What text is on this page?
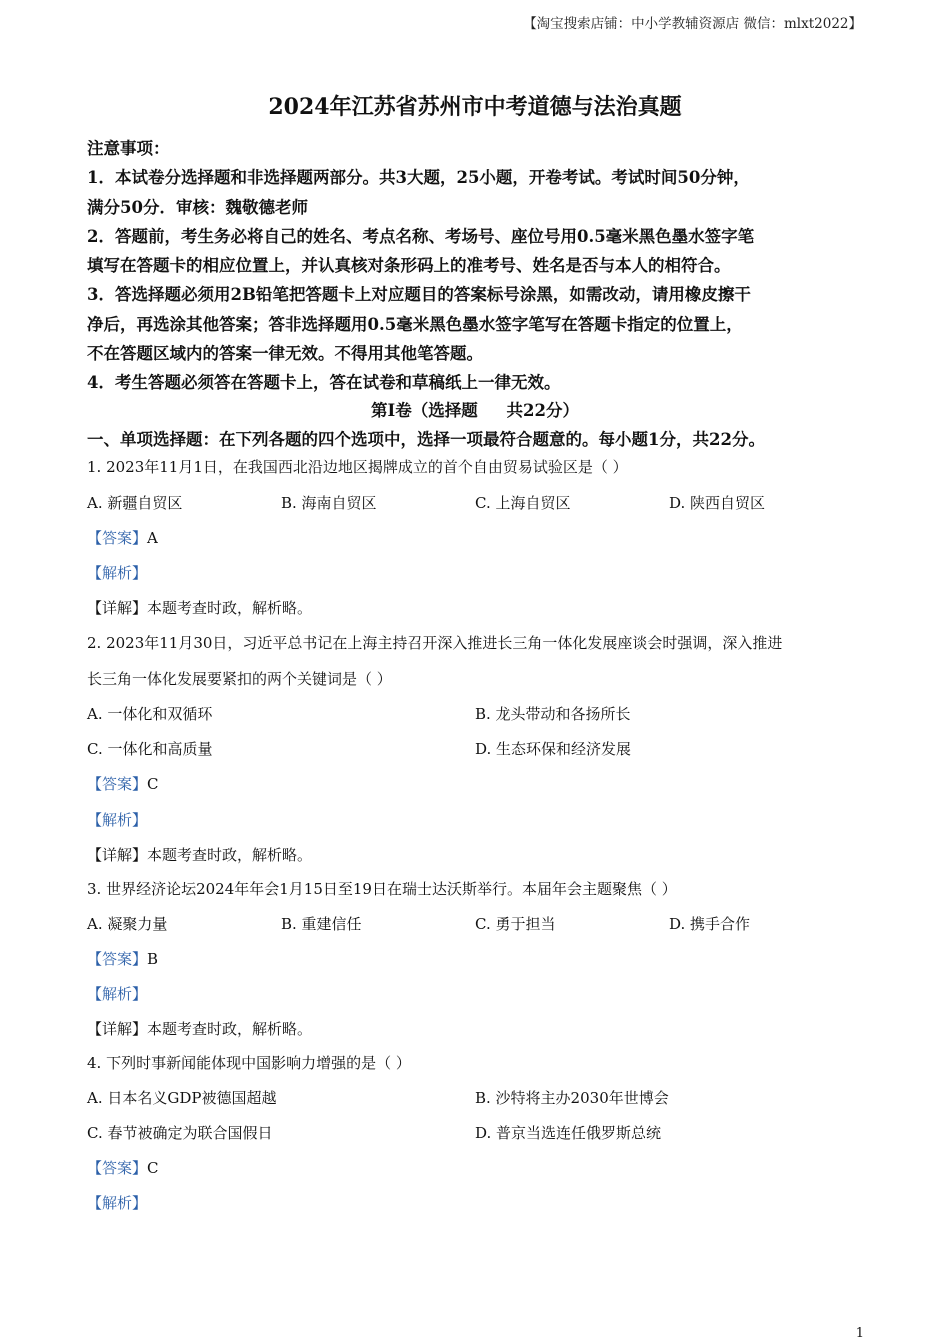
【淘宝搜索店铺：中小学教辅资源店 微信：mlxt2022】
2024年江苏省苏州市中考道德与法治真题
注意事项：
1．本试卷分选择题和非选择题两部分。共3大题，25小题，开卷考试。考试时间50分钟，
满分50分．审核：魏敬德老师
2．答题前，考生务必将自己的姓名、考点名称、考场号、座位号用0.5毫米黑色墨水签字笔
填写在答题卡的相应位置上，并认真核对条形码上的准考号、姓名是否与本人的相符合。
3．答选择题必须用2B铅笔把答题卡上对应题目的答案标号涂黑，如需改动，请用橡皮擦干
净后，再选涂其他答案；答非选择题用0.5毫米黑色墨水签字笔写在答题卡指定的位置上，
不在答题区域内的答案一律无效。不得用其他笔答题。
4．考生答题必须答在答题卡上，答在试卷和草稿纸上一律无效。
第I卷（选择题     共22分）
一、单项选择题：在下列各题的四个选项中，选择一项最符合题意的。每小题1分，共22分。
1. 2023年11月1日，在我国西北沿边地区揭牌成立的首个自由贸易试验区是（ ）
A. 新疆自贸区	B. 海南自贸区	C. 上海自贸区	D. 陕西自贸区
【答案】A
【解析】
【详解】本题考查时政，解析略。
2. 2023年11月30日，习近平总书记在上海主持召开深入推进长三角一体化发展座谈会时强调，深入推进
长三角一体化发展要紧扣的两个关键词是（ ）
A. 一体化和双循环	B. 龙头带动和各扬所长
C. 一体化和高质量	D. 生态环保和经济发展
【答案】C
【解析】
【详解】本题考查时政，解析略。
3. 世界经济论坛2024年年会1月15日至19日在瑞士达沃斯举行。本届年会主题聚焦（ ）
A. 凝聚力量	B. 重建信任	C. 勇于担当	D. 携手合作
【答案】B
【解析】
【详解】本题考查时政，解析略。
4. 下列时事新闻能体现中国影响力增强的是（ ）
A. 日本名义GDP被德国超越	B. 沙特将主办2030年世博会
C. 春节被确定为联合国假日	D. 普京当选连任俄罗斯总统
【答案】C
【解析】
1
